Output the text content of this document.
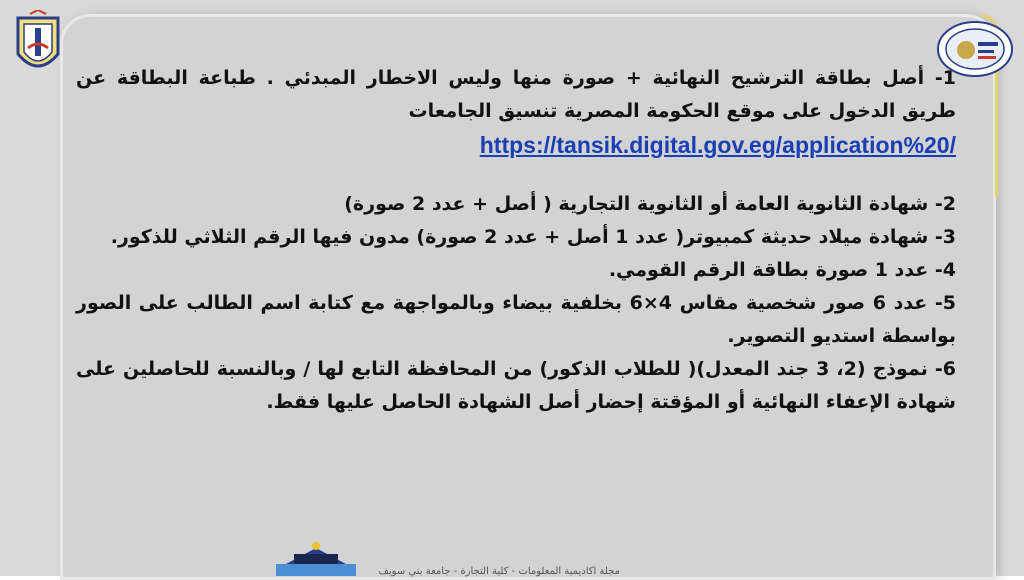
1- أصل بطاقة الترشيح النهائية + صورة منها وليس الاخطار المبدئي . طباعة البطاقة عن طريق الدخول على موقع الحكومة المصرية تنسيق الجامعات

https://tansik.digital.gov.eg/application%20/

2- شهادة الثانوية العامة أو الثانوية التجارية ( أصل + عدد 2 صورة)

3- شهادة ميلاد حديثة كمبيوتر( عدد 1 أصل + عدد 2 صورة) مدون فيها الرقم الثلاثي للذكور.

4- عدد 1 صورة بطاقة الرقم القومي.

5- عدد 6 صور شخصية مقاس 4×6 بخلفية بيضاء وبالمواجهة مع كتابة اسم الطالب على الصور بواسطة استديو التصوير.

6- نموذج (2، 3 جند المعدل)( للطلاب الذكور) من المحافظة التابع لها / وبالنسبة للحاصلين على شهادة الإعفاء النهائية أو المؤقتة إحضار أصل الشهادة الحاصل عليها فقط.

مجلة أكاديمية المعلومات - كلية التجارة - جامعة بني سويف
